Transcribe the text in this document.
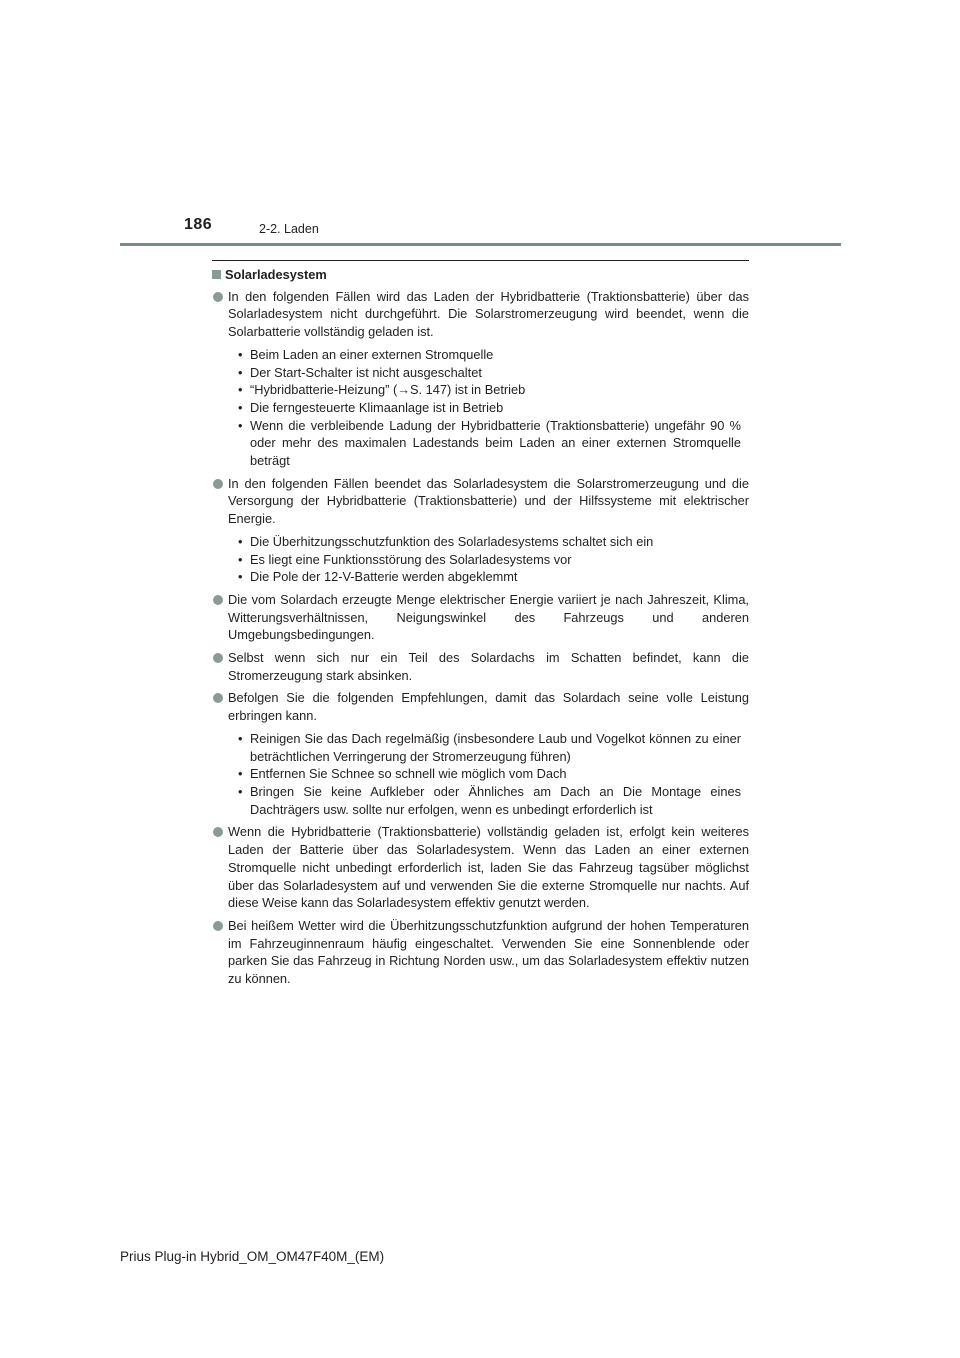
186	2-2. Laden
Solarladesystem
In den folgenden Fällen wird das Laden der Hybridbatterie (Traktionsbatterie) über das Solarladesystem nicht durchgeführt. Die Solarstromerzeugung wird beendet, wenn die Solarbatterie vollständig geladen ist.
• Beim Laden an einer externen Stromquelle
• Der Start-Schalter ist nicht ausgeschaltet
• “Hybridbatterie-Heizung” (→S. 147) ist in Betrieb
• Die ferngesteuerte Klimaanlage ist in Betrieb
• Wenn die verbleibende Ladung der Hybridbatterie (Traktionsbatterie) ungefähr 90 % oder mehr des maximalen Ladestands beim Laden an einer externen Stromquelle beträgt
In den folgenden Fällen beendet das Solarladesystem die Solarstromerzeugung und die Versorgung der Hybridbatterie (Traktionsbatterie) und der Hilfssysteme mit elektrischer Energie.
• Die Überhitzungsschutzfunktion des Solarladesystems schaltet sich ein
• Es liegt eine Funktionsstörung des Solarladesystems vor
• Die Pole der 12-V-Batterie werden abgeklemmt
Die vom Solardach erzeugte Menge elektrischer Energie variiert je nach Jahreszeit, Klima, Witterungsverhältnissen, Neigungswinkel des Fahrzeugs und anderen Umgebungsbedingungen.
Selbst wenn sich nur ein Teil des Solardachs im Schatten befindet, kann die Stromerzeugung stark absinken.
Befolgen Sie die folgenden Empfehlungen, damit das Solardach seine volle Leistung erbringen kann.
• Reinigen Sie das Dach regelmäßig (insbesondere Laub und Vogelkot können zu einer beträchtlichen Verringerung der Stromerzeugung führen)
• Entfernen Sie Schnee so schnell wie möglich vom Dach
• Bringen Sie keine Aufkleber oder Ähnliches am Dach an Die Montage eines Dachträgers usw. sollte nur erfolgen, wenn es unbedingt erforderlich ist
Wenn die Hybridbatterie (Traktionsbatterie) vollständig geladen ist, erfolgt kein weiteres Laden der Batterie über das Solarladesystem. Wenn das Laden an einer externen Stromquelle nicht unbedingt erforderlich ist, laden Sie das Fahrzeug tagsüber möglichst über das Solarladesystem auf und verwenden Sie die externe Stromquelle nur nachts. Auf diese Weise kann das Solarladesystem effektiv genutzt werden.
Bei heißem Wetter wird die Überhitzungsschutzfunktion aufgrund der hohen Temperaturen im Fahrzeuginnenraum häufig eingeschaltet. Verwenden Sie eine Sonnenblende oder parken Sie das Fahrzeug in Richtung Norden usw., um das Solarladesystem effektiv nutzen zu können.
Prius Plug-in Hybrid_OM_OM47F40M_(EM)
